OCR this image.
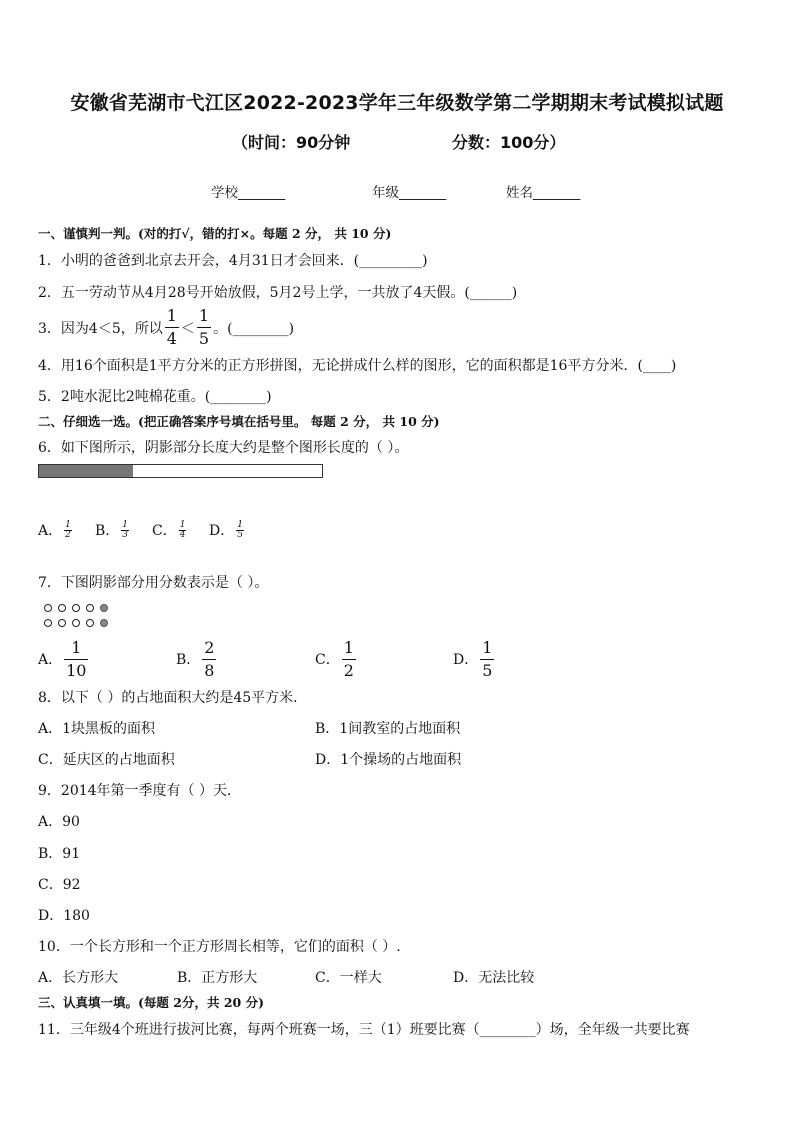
安徽省芜湖市弋江区2022-2023学年三年级数学第二学期期末考试模拟试题
（时间：90分钟	分数：100分）
学校_______	年级_______	姓名_______
一、谨慎判一判。(对的打√，错的打×。每题 2 分， 共 10 分)
1．小明的爸爸到北京去开会，4月31日才会回来．(_________)
2．五一劳动节从4月28号开始放假，5月2号上学，一共放了4天假。(______)
3．因为4＜5，所以 $\frac{1}{4} < \frac{1}{5}$ 。(________)
4．用16个面积是1平方分米的正方形拼图，无论拼成什么样的图形，它的面积都是16平方分米．(____)
5．2吨水泥比2吨棉花重。(________)
二、仔细选一选。(把正确答案序号填在括号里。 每题 2 分， 共 10 分)
6．如下图所示，阴影部分长度大约是整个图形长度的（ ）。
A． $\frac{1}{2}$ B． $\frac{1}{3}$ C． $\frac{1}{4}$ D． $\frac{1}{5}$
7．下图阴影部分用分数表示是（ ）。
A． $\frac{1}{10}$	B． $\frac{2}{8}$	C． $\frac{1}{2}$	D． $\frac{1}{5}$
8．以下（ ）的占地面积大约是45平方米．
A．1块黑板的面积	B．1间教室的占地面积
C．延庆区的占地面积	D．1个操场的占地面积
9．2014年第一季度有（ ）天．
A．90
B．91
C．92
D．180
10．一个长方形和一个正方形周长相等，它们的面积（ ）.
A．长方形大	B．正方形大	C．一样大	D．无法比较
三、认真填一填。(每题 2分，共 20 分)
11．三年级4个班进行拔河比赛，每两个班赛一场，三（1）班要比赛（________）场，全年级一共要比赛
